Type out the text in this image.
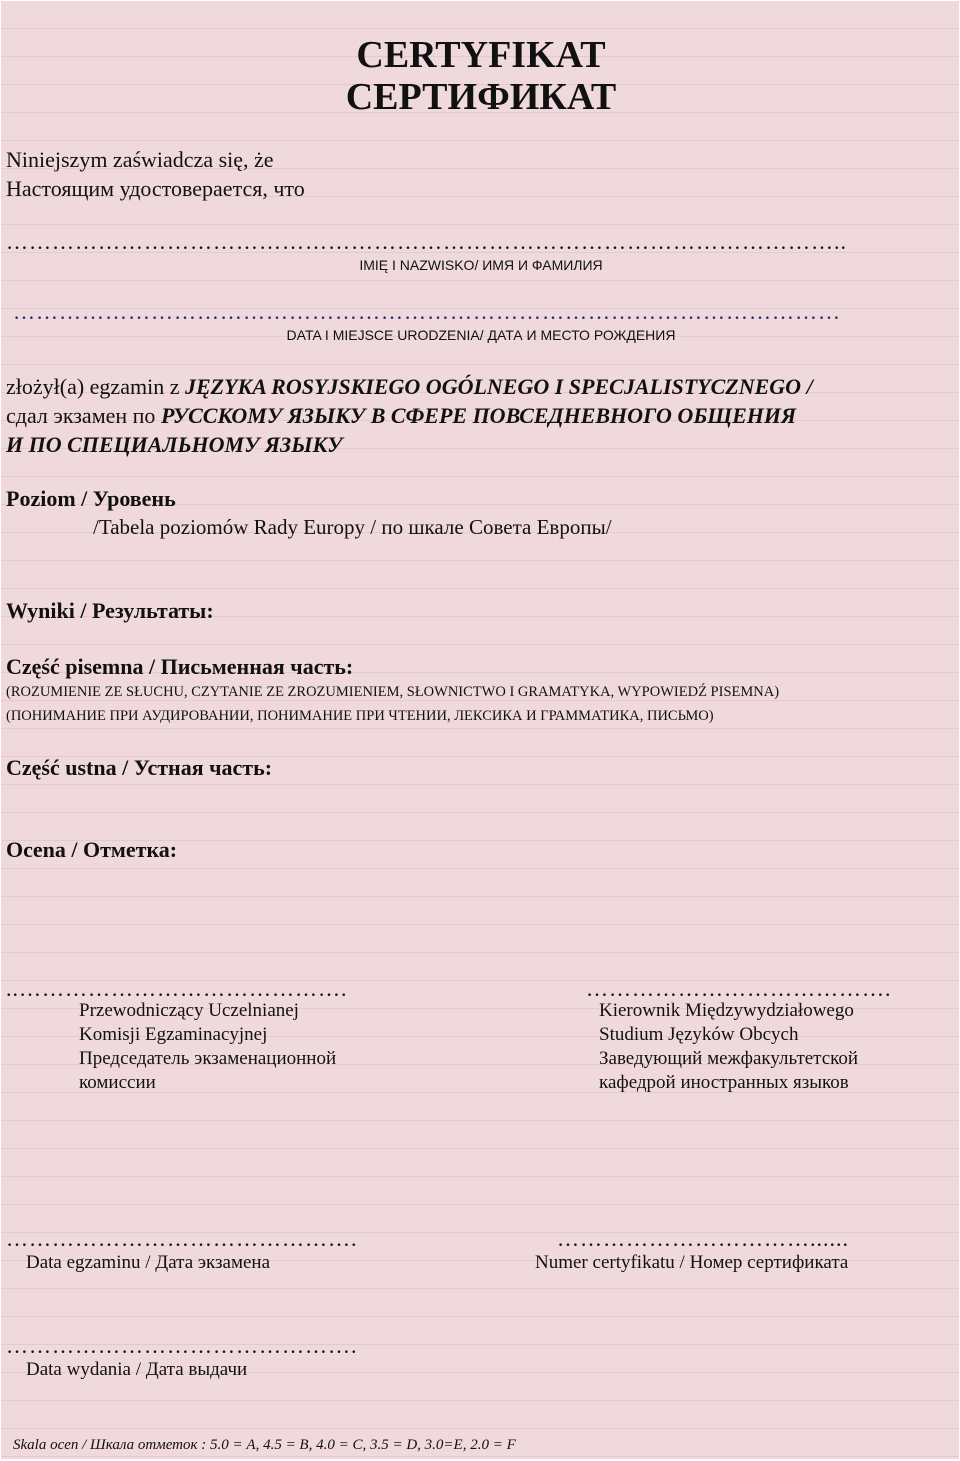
CERTYFIKAT
СЕРТИФИКАТ
Niniejszym zaświadcza się, że
Настоящим удостоверается, что
………………………………………………………………………………………………..
IMIĘ I NAZWISKO/ ИМЯ И ФАМИЛИЯ
………………………………………………………………………………………………
DATA I MIEJSCE URODZENIA/ ДАТА И МЕСТО РОЖДЕНИЯ
złożył(a) egzamin z JĘZYKA ROSYJSKIEGO OGÓLNEGO I SPECJALISTYCZNEGO /
сдал экзамен по РУССКОМУ ЯЗЫКУ В СФЕРЕ ПОВСЕДНЕВНОГО ОБЩЕНИЯ
И ПО СПЕЦИАЛЬНОМУ ЯЗЫКУ
Poziom / Уровень
/Tabela poziomów Rady Europy / по шкале Совета Европы/
Wyniki / Результаты:
Część pisemna / Письменная часть:
(ROZUMIENIE ZE SŁUCHU, CZYTANIE ZE ZROZUMIENIEM, SŁOWNICTWO I GRAMATYKA, WYPOWIEDŹ PISEMNA)
(ПОНИМАНИЕ ПРИ АУДИРОВАНИИ, ПОНИМАНИЕ ПРИ ЧТЕНИИ, ЛЕКСИКА И ГРАММАТИКА, ПИСЬМО)
Część ustna / Устная часть:
Ocena / Отметка:
..…………………………………….
Przewodniczący Uczelnianej
Komisji Egzaminacyjnej
Председатель экзаменационной
комиссии
………………………………….
Kierownik Międzywydziałowego
Studium Języków Obcych
Заведующий межфакультетской
кафедрой иностранных языков
……………………………………….
Data egzaminu / Дата экзамена
……………………………......
Numer certyfikatu / Номер сертификата
……………………………………….
Data wydania / Дата выдачи
Skala ocen / Шкала отметок : 5.0 = A, 4.5 = B, 4.0 = C, 3.5 = D, 3.0=E, 2.0 = F
